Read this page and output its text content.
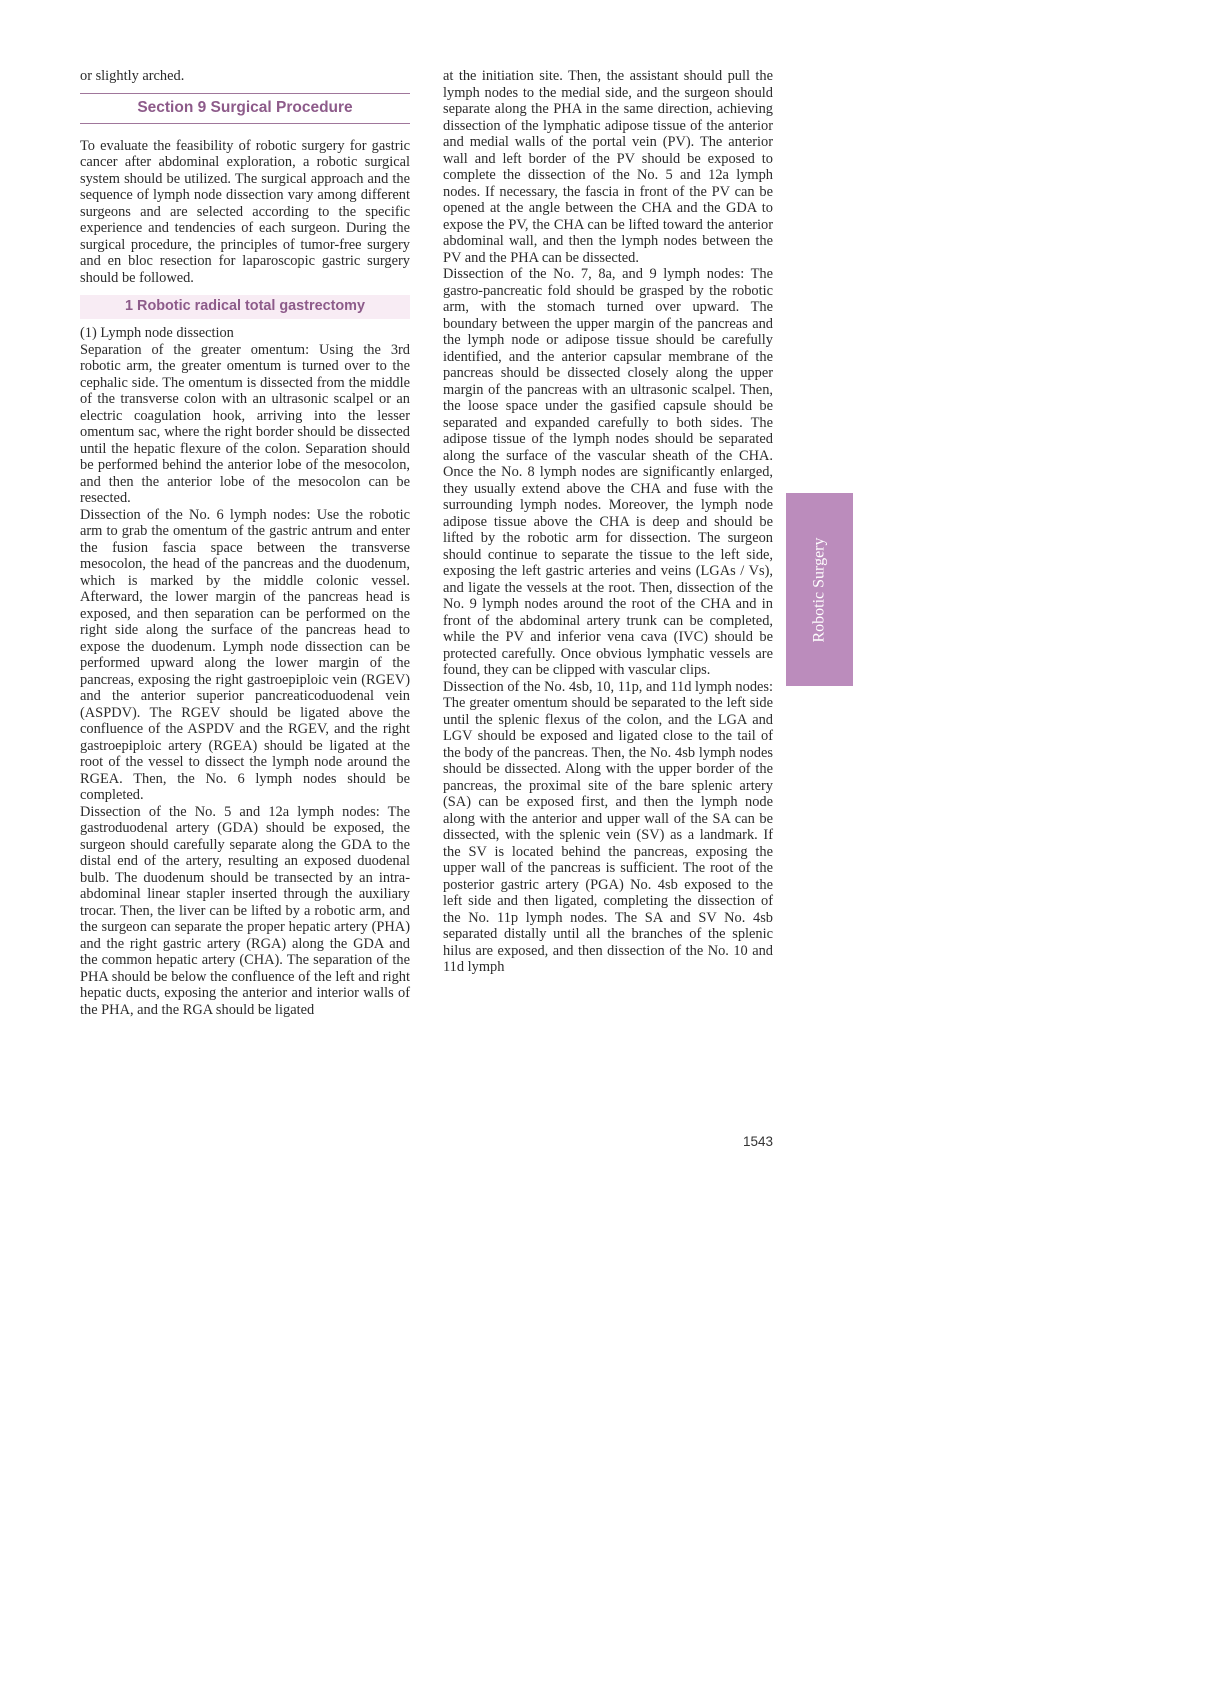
or slightly arched.

Section 9 Surgical Procedure

To evaluate the feasibility of robotic surgery for gastric cancer after abdominal exploration, a robotic surgical system should be utilized. The surgical approach and the sequence of lymph node dissection vary among different surgeons and are selected according to the specific experience and tendencies of each surgeon. During the surgical procedure, the principles of tumor-free surgery and en bloc resection for laparoscopic gastric surgery should be followed.

1 Robotic radical total gastrectomy

(1) Lymph node dissection

Separation of the greater omentum: Using the 3rd robotic arm, the greater omentum is turned over to the cephalic side. The omentum is dissected from the middle of the transverse colon with an ultrasonic scalpel or an electric coagulation hook, arriving into the lesser omentum sac, where the right border should be dissected until the hepatic flexure of the colon. Separation should be performed behind the anterior lobe of the mesocolon, and then the anterior lobe of the mesocolon can be resected.

Dissection of the No. 6 lymph nodes: Use the robotic arm to grab the omentum of the gastric antrum and enter the fusion fascia space between the transverse mesocolon, the head of the pancreas and the duodenum, which is marked by the middle colonic vessel. Afterward, the lower margin of the pancreas head is exposed, and then separation can be performed on the right side along the surface of the pancreas head to expose the duodenum. Lymph node dissection can be performed upward along the lower margin of the pancreas, exposing the right gastroepiploic vein (RGEV) and the anterior superior pancreaticoduodenal vein (ASPDV). The RGEV should be ligated above the confluence of the ASPDV and the RGEV, and the right gastroepiploic artery (RGEA) should be ligated at the root of the vessel to dissect the lymph node around the RGEA. Then, the No. 6 lymph nodes should be completed.

Dissection of the No. 5 and 12a lymph nodes: The gastroduodenal artery (GDA) should be exposed, the surgeon should carefully separate along the GDA to the distal end of the artery, resulting an exposed duodenal bulb. The duodenum should be transected by an intra-abdominal linear stapler inserted through the auxiliary trocar. Then, the liver can be lifted by a robotic arm, and the surgeon can separate the proper hepatic artery (PHA) and the right gastric artery (RGA) along the GDA and the common hepatic artery (CHA). The separation of the PHA should be below the confluence of the left and right hepatic ducts, exposing the anterior and interior walls of the PHA, and the RGA should be ligated

at the initiation site. Then, the assistant should pull the lymph nodes to the medial side, and the surgeon should separate along the PHA in the same direction, achieving dissection of the lymphatic adipose tissue of the anterior and medial walls of the portal vein (PV). The anterior wall and left border of the PV should be exposed to complete the dissection of the No. 5 and 12a lymph nodes. If necessary, the fascia in front of the PV can be opened at the angle between the CHA and the GDA to expose the PV, the CHA can be lifted toward the anterior abdominal wall, and then the lymph nodes between the PV and the PHA can be dissected.

Dissection of the No. 7, 8a, and 9 lymph nodes: The gastro-pancreatic fold should be grasped by the robotic arm, with the stomach turned over upward. The boundary between the upper margin of the pancreas and the lymph node or adipose tissue should be carefully identified, and the anterior capsular membrane of the pancreas should be dissected closely along the upper margin of the pancreas with an ultrasonic scalpel. Then, the loose space under the gasified capsule should be separated and expanded carefully to both sides. The adipose tissue of the lymph nodes should be separated along the surface of the vascular sheath of the CHA. Once the No. 8 lymph nodes are significantly enlarged, they usually extend above the CHA and fuse with the surrounding lymph nodes. Moreover, the lymph node adipose tissue above the CHA is deep and should be lifted by the robotic arm for dissection. The surgeon should continue to separate the tissue to the left side, exposing the left gastric arteries and veins (LGAs / Vs), and ligate the vessels at the root. Then, dissection of the No. 9 lymph nodes around the root of the CHA and in front of the abdominal artery trunk can be completed, while the PV and inferior vena cava (IVC) should be protected carefully. Once obvious lymphatic vessels are found, they can be clipped with vascular clips.

Dissection of the No. 4sb, 10, 11p, and 11d lymph nodes: The greater omentum should be separated to the left side until the splenic flexus of the colon, and the LGA and LGV should be exposed and ligated close to the tail of the body of the pancreas. Then, the No. 4sb lymph nodes should be dissected. Along with the upper border of the pancreas, the proximal site of the bare splenic artery (SA) can be exposed first, and then the lymph node along with the anterior and upper wall of the SA can be dissected, with the splenic vein (SV) as a landmark. If the SV is located behind the pancreas, exposing the upper wall of the pancreas is sufficient. The root of the posterior gastric artery (PGA) No. 4sb exposed to the left side and then ligated, completing the dissection of the No. 11p lymph nodes. The SA and SV No. 4sb separated distally until all the branches of the splenic hilus are exposed, and then dissection of the No. 10 and 11d lymph

Robotic Surgery
1543
